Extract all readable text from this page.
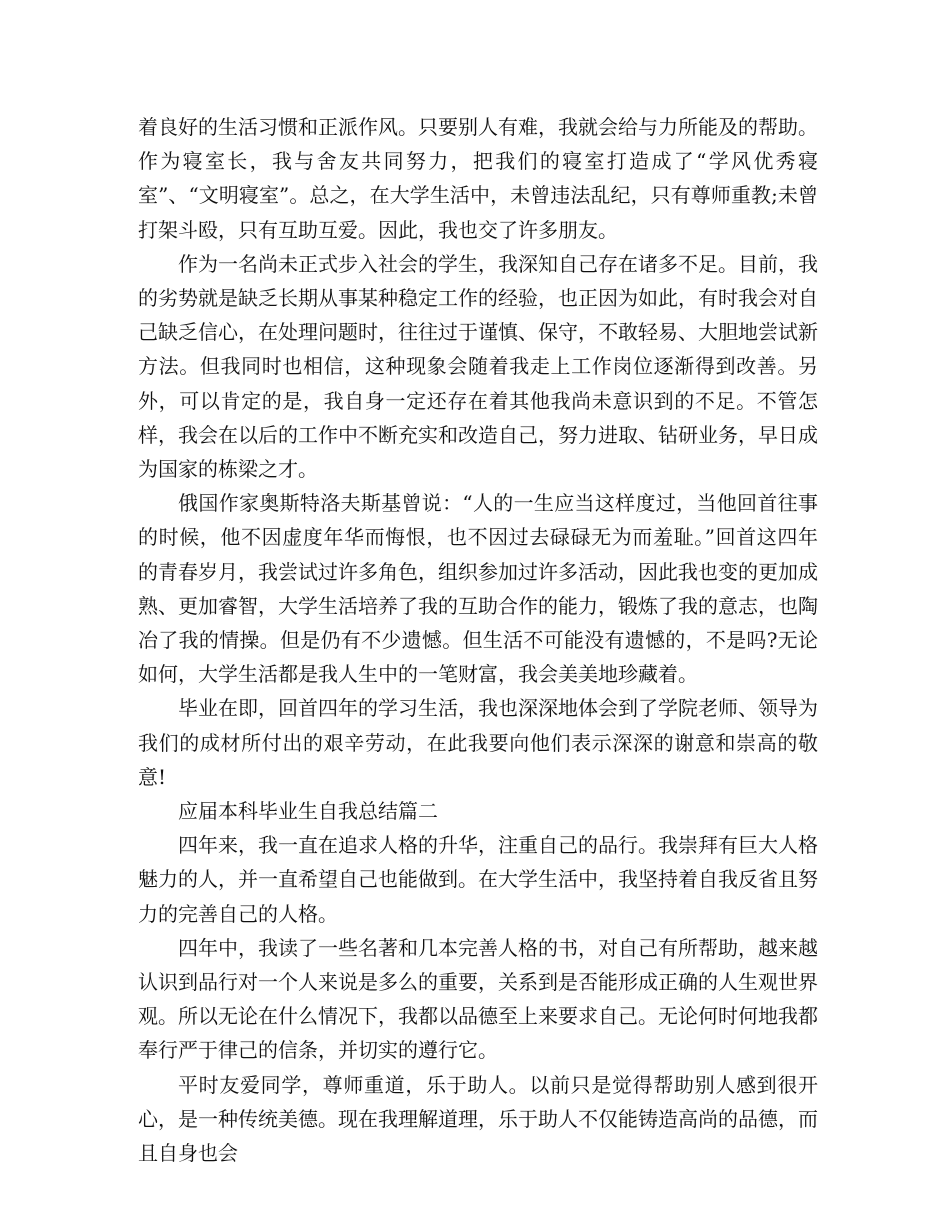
着良好的生活习惯和正派作风。只要别人有难，我就会给与力所能及的帮助。作为寝室长，我与舍友共同努力，把我们的寝室打造成了“学风优秀寝室”、“文明寝室”。总之，在大学生活中，未曾违法乱纪，只有尊师重教;未曾打架斗殴，只有互助互爱。因此，我也交了许多朋友。

作为一名尚未正式步入社会的学生，我深知自己存在诸多不足。目前，我的劣势就是缺乏长期从事某种稳定工作的经验，也正因为如此，有时我会对自己缺乏信心，在处理问题时，往往过于谨慎、保守，不敢轻易、大胆地尝试新方法。但我同时也相信，这种现象会随着我走上工作岗位逐渐得到改善。另外，可以肯定的是，我自身一定还存在着其他我尚未意识到的不足。不管怎样，我会在以后的工作中不断充实和改造自己，努力进取、钻研业务，早日成为国家的栋梁之才。

俄国作家奥斯特洛夫斯基曾说：“人的一生应当这样度过，当他回首往事的时候，他不因虚度年华而悔恨，也不因过去碌碌无为而羞耻。”回首这四年的青春岁月，我尝试过许多角色，组织参加过许多活动，因此我也变的更加成熟、更加睿智，大学生活培养了我的互助合作的能力，锻炼了我的意志，也陶冶了我的情操。但是仍有不少遗憾。但生活不可能没有遗憾的，不是吗?无论如何，大学生活都是我人生中的一笔财富，我会美美地珍藏着。

毕业在即，回首四年的学习生活，我也深深地体会到了学院老师、领导为我们的成材所付出的艰辛劳动，在此我要向他们表示深深的谢意和崇高的敬意!

应届本科毕业生自我总结篇二

四年来，我一直在追求人格的升华，注重自己的品行。我崇拜有巨大人格魅力的人，并一直希望自己也能做到。在大学生活中，我坚持着自我反省且努力的完善自己的人格。

四年中，我读了一些名著和几本完善人格的书，对自己有所帮助，越来越认识到品行对一个人来说是多么的重要，关系到是否能形成正确的人生观世界观。所以无论在什么情况下，我都以品德至上来要求自己。无论何时何地我都奉行严于律己的信条，并切实的遵行它。

平时友爱同学，尊师重道，乐于助人。以前只是觉得帮助别人感到很开心，是一种传统美德。现在我理解道理，乐于助人不仅能铸造高尚的品德，而且自身也会
